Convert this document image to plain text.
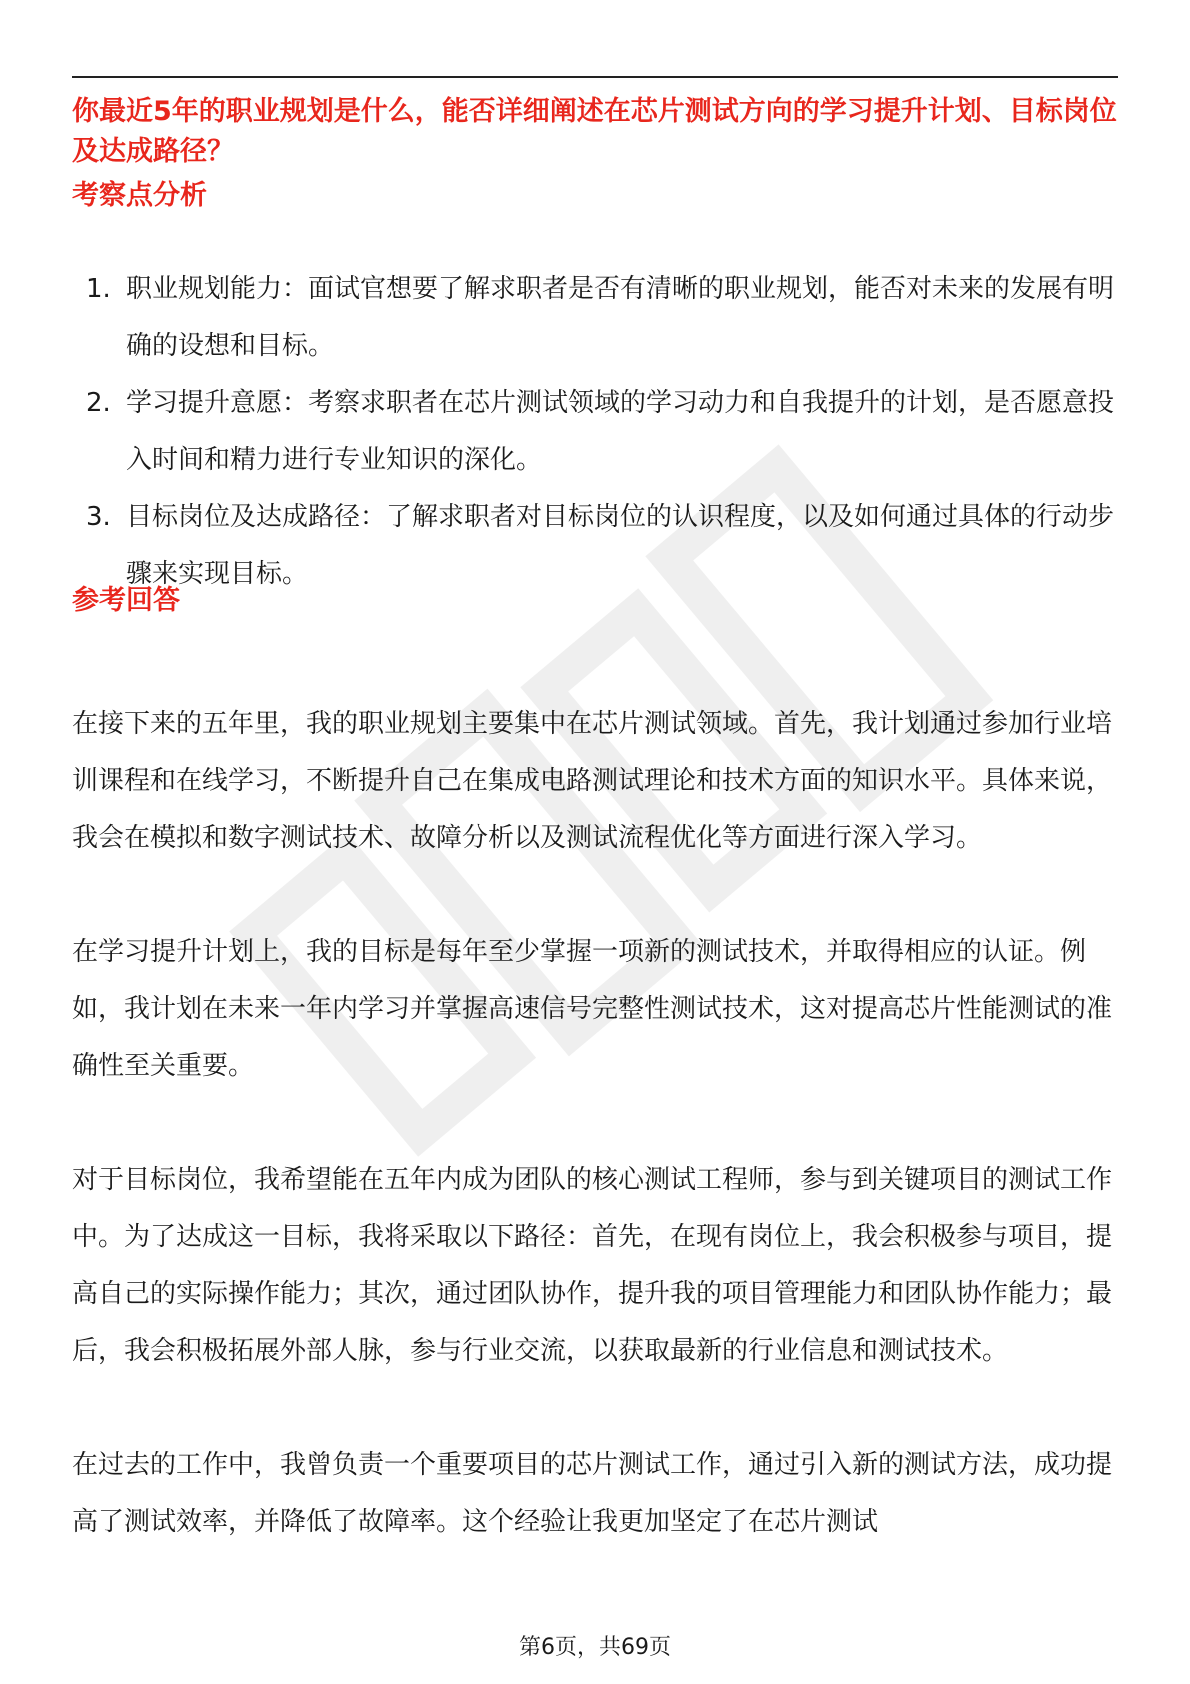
你最近5年的职业规划是什么，能否详细阐述在芯片测试方向的学习提升计划、目标岗位及达成路径？
考察点分析
1. 职业规划能力：面试官想要了解求职者是否有清晰的职业规划，能否对未来的发展有明确的设想和目标。
2. 学习提升意愿：考察求职者在芯片测试领域的学习动力和自我提升的计划，是否愿意投入时间和精力进行专业知识的深化。
3. 目标岗位及达成路径：了解求职者对目标岗位的认识程度，以及如何通过具体的行动步骤来实现目标。
参考回答

在接下来的五年里，我的职业规划主要集中在芯片测试领域。首先，我计划通过参加行业培训课程和在线学习，不断提升自己在集成电路测试理论和技术方面的知识水平。具体来说，我会在模拟和数字测试技术、故障分析以及测试流程优化等方面进行深入学习。

在学习提升计划上，我的目标是每年至少掌握一项新的测试技术，并取得相应的认证。例如，我计划在未来一年内学习并掌握高速信号完整性测试技术，这对提高芯片性能测试的准确性至关重要。

对于目标岗位，我希望能在五年内成为团队的核心测试工程师，参与到关键项目的测试工作中。为了达成这一目标，我将采取以下路径：首先，在现有岗位上，我会积极参与项目，提高自己的实际操作能力；其次，通过团队协作，提升我的项目管理能力和团队协作能力；最后，我会积极拓展外部人脉，参与行业交流，以获取最新的行业信息和测试技术。

在过去的工作中，我曾负责一个重要项目的芯片测试工作，通过引入新的测试方法，成功提高了测试效率，并降低了故障率。这个经验让我更加坚定了在芯片测试

第6页，共69页
